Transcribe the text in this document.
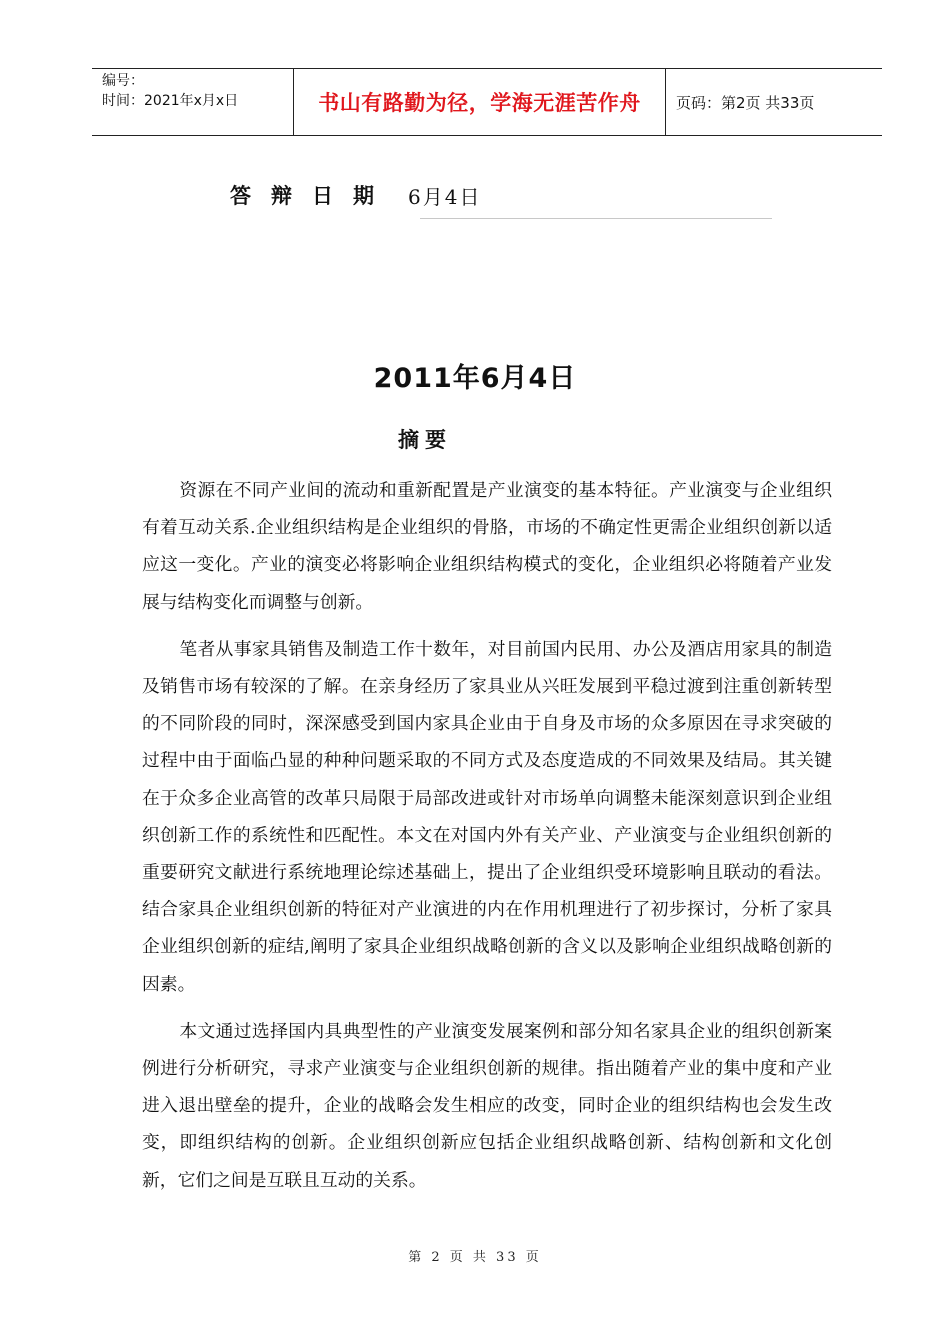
编号：
时间：2021年x月x日	书山有路勤为径，学海无涯苦作舟	页码：第2页 共33页
答辩日期 6月4日
2011年6月4日
摘要

资源在不同产业间的流动和重新配置是产业演变的基本特征。产业演变与企业组织有着互动关系.企业组织结构是企业组织的骨胳，市场的不确定性更需企业组织创新以适应这一变化。产业的演变必将影响企业组织结构模式的变化，企业组织必将随着产业发展与结构变化而调整与创新。

笔者从事家具销售及制造工作十数年，对目前国内民用、办公及酒店用家具的制造及销售市场有较深的了解。在亲身经历了家具业从兴旺发展到平稳过渡到注重创新转型的不同阶段的同时，深深感受到国内家具企业由于自身及市场的众多原因在寻求突破的过程中由于面临凸显的种种问题采取的不同方式及态度造成的不同效果及结局。其关键在于众多企业高管的改革只局限于局部改进或针对市场单向调整未能深刻意识到企业组织创新工作的系统性和匹配性。本文在对国内外有关产业、产业演变与企业组织创新的重要研究文献进行系统地理论综述基础上，提出了企业组织受环境影响且联动的看法。结合家具企业组织创新的特征对产业演进的内在作用机理进行了初步探讨，分析了家具企业组织创新的症结,阐明了家具企业组织战略创新的含义以及影响企业组织战略创新的因素。

本文通过选择国内具典型性的产业演变发展案例和部分知名家具企业的组织创新案例进行分析研究，寻求产业演变与企业组织创新的规律。指出随着产业的集中度和产业进入退出壁垒的提升，企业的战略会发生相应的改变，同时企业的组织结构也会发生改变，即组织结构的创新。企业组织创新应包括企业组织战略创新、结构创新和文化创新，它们之间是互联且互动的关系。

第 2 页 共 33 页
